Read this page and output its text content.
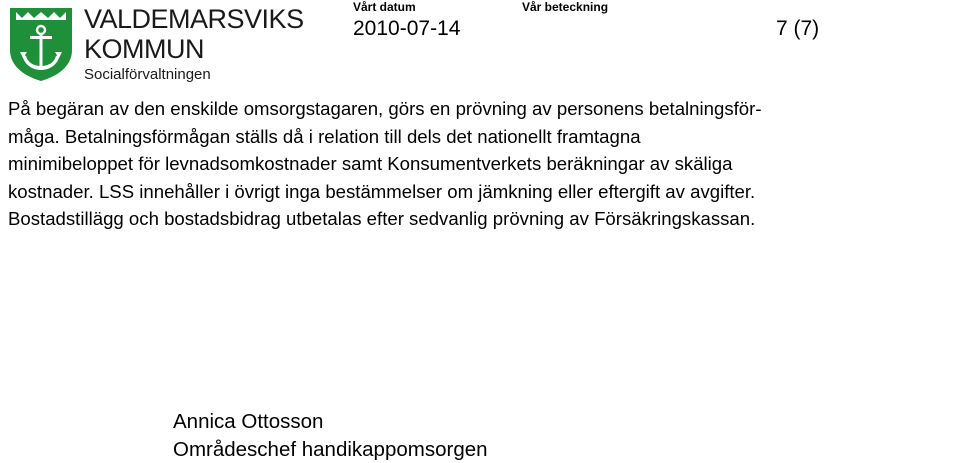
VALDEMARSVIKS
KOMMUN
Socialförvaltningen
Vårt datum
2010-07-14
Vår beteckning
7 (7)

På begäran av den enskilde omsorgstagaren, görs en prövning av personens betalningsför-
måga. Betalningsförmågan ställs då i relation till dels det nationellt framtagna
minimibeloppet för levnadsomkostnader samt Konsumentverkets beräkningar av skäliga
kostnader. LSS innehåller i övrigt inga bestämmelser om jämkning eller eftergift av avgifter.
Bostadstillägg och bostadsbidrag utbetalas efter sedvanlig prövning av Försäkringskassan.

Annica Ottosson
Områdeschef handikappomsorgen
